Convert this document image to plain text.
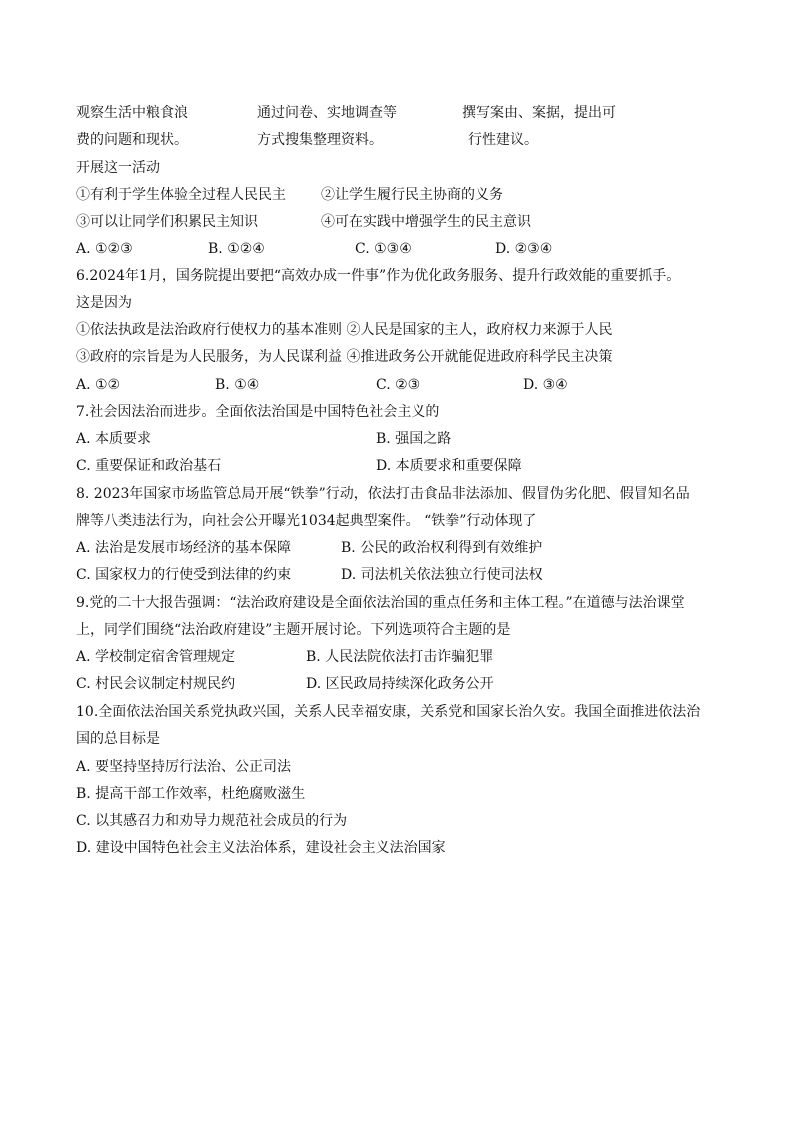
观察生活中粮食浪	通过问卷、实地调查等	撰写案由、案据，提出可
费的问题和现状。	方式搜集整理资料。	行性建议。
开展这一活动
①有利于学生体验全过程人民民主	②让学生履行民主协商的义务
③可以让同学们积累民主知识	④可在实践中增强学生的民主意识
A. ①②③	B. ①②④	C. ①③④	D. ②③④
6.2024年1月，国务院提出要把“高效办成一件事”作为优化政务服务、提升行政效能的重要抓手。
这是因为
①依法执政是法治政府行使权力的基本准则 ②人民是国家的主人，政府权力来源于人民
③政府的宗旨是为人民服务，为人民谋利益 ④推进政务公开就能促进政府科学民主决策
A. ①②	B. ①④	C. ②③	D. ③④
7.社会因法治而进步。全面依法治国是中国特色社会主义的
A. 本质要求	B. 强国之路
C. 重要保证和政治基石	D. 本质要求和重要保障
8. 2023年国家市场监管总局开展“铁拳”行动，依法打击食品非法添加、假冒伪劣化肥、假冒知名品
牌等八类违法行为，向社会公开曝光1034起典型案件。 “铁拳”行动体现了
A. 法治是发展市场经济的基本保障	B. 公民的政治权利得到有效维护
C. 国家权力的行使受到法律的约束	D. 司法机关依法独立行使司法权
9.党的二十大报告强调：“法治政府建设是全面依法治国的重点任务和主体工程。”在道德与法治课堂
上，同学们围绕“法治政府建设”主题开展讨论。下列选项符合主题的是
A. 学校制定宿舍管理规定	B. 人民法院依法打击诈骗犯罪
C. 村民会议制定村规民约	D. 区民政局持续深化政务公开
10.全面依法治国关系党执政兴国，关系人民幸福安康，关系党和国家长治久安。我国全面推进依法治
国的总目标是
A. 要坚持坚持厉行法治、公正司法
B. 提高干部工作效率，杜绝腐败滋生
C. 以其感召力和劝导力规范社会成员的行为
D. 建设中国特色社会主义法治体系，建设社会主义法治国家
